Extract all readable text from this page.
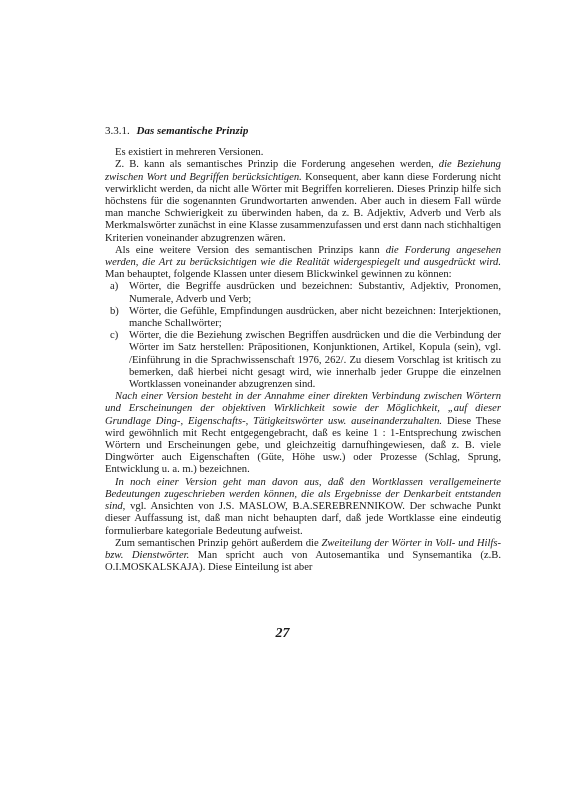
3.3.1. Das semantische Prinzip

Es existiert in mehreren Versionen.

Z. B. kann als semantisches Prinzip die Forderung angesehen werden, die Beziehung zwischen Wort und Begriffen berücksichtigen. Konsequent, aber kann diese Forderung nicht verwirklicht werden, da nicht alle Wörter mit Begriffen korrelieren. Dieses Prinzip hilfe sich höchstens für die sogenannten Grundwortarten anwenden. Aber auch in diesem Fall würde man manche Schwierigkeit zu überwinden haben, da z. B. Adjektiv, Adverb und Verb als Merkmalswörter zunächst in eine Klasse zusammenzufassen und erst dann nach stichhaltigen Kriterien voneinander abzugrenzen wären.

Als eine weitere Version des semantischen Prinzips kann die Forderung angesehen werden, die Art zu berücksichtigen wie die Realität widergespiegelt und ausgedrückt wird. Man behauptet, folgende Klassen unter diesem Blickwinkel gewinnen zu können:

a) Wörter, die Begriffe ausdrücken und bezeichnen: Substantiv, Adjektiv, Pronomen, Numerale, Adverb und Verb;
b) Wörter, die Gefühle, Empfindungen ausdrücken, aber nicht bezeichnen: Interjektionen, manche Schallwörter;
c) Wörter, die die Beziehung zwischen Begriffen ausdrücken und die die Verbindung der Wörter im Satz herstellen: Präpositionen, Konjunktionen, Artikel, Kopula (sein), vgl. /Einführung in die Sprachwissenschaft 1976, 262/. Zu diesem Vorschlag ist kritisch zu bemerken, daß hierbei nicht gesagt wird, wie innerhalb jeder Gruppe die einzelnen Wortklassen voneinander abzugrenzen sind.

Nach einer Version besteht in der Annahme einer direkten Verbindung zwischen Wörtern und Erscheinungen der objektiven Wirklichkeit sowie der Möglichkeit, „auf dieser Grundlage Ding-, Eigenschafts-, Tätigkeitswörter usw. auseinanderzuhalten. Diese These wird gewöhnlich mit Recht entgegengebracht, daß es keine 1 : 1-Entsprechung zwischen Wörtern und Erscheinungen gebe, und gleichzeitig darnufhingewiesen, daß z. B. viele Dingwörter auch Eigenschaften (Güte, Höhe usw.) oder Prozesse (Schlag, Sprung, Entwicklung u. a. m.) bezeichnen.

In noch einer Version geht man davon aus, daß den Wortklassen verallgemeinerte Bedeutungen zugeschrieben werden können, die als Ergebnisse der Denkarbeit entstanden sind, vgl. Ansichten von J.S. MASLOW, B.A.SEREBRENNIKOW. Der schwache Punkt dieser Auffassung ist, daß man nicht behaupten darf, daß jede Wortklasse eine eindeutig formulierbare kategoriale Bedeutung aufweist.

Zum semantischen Prinzip gehört außerdem die Zweiteilung der Wörter in Voll- und Hilfs- bzw. Dienstwörter. Man spricht auch von Autosemantika und Synsemantika (z.B. O.I.MOSKALSKAJA). Diese Einteilung ist aber

27
